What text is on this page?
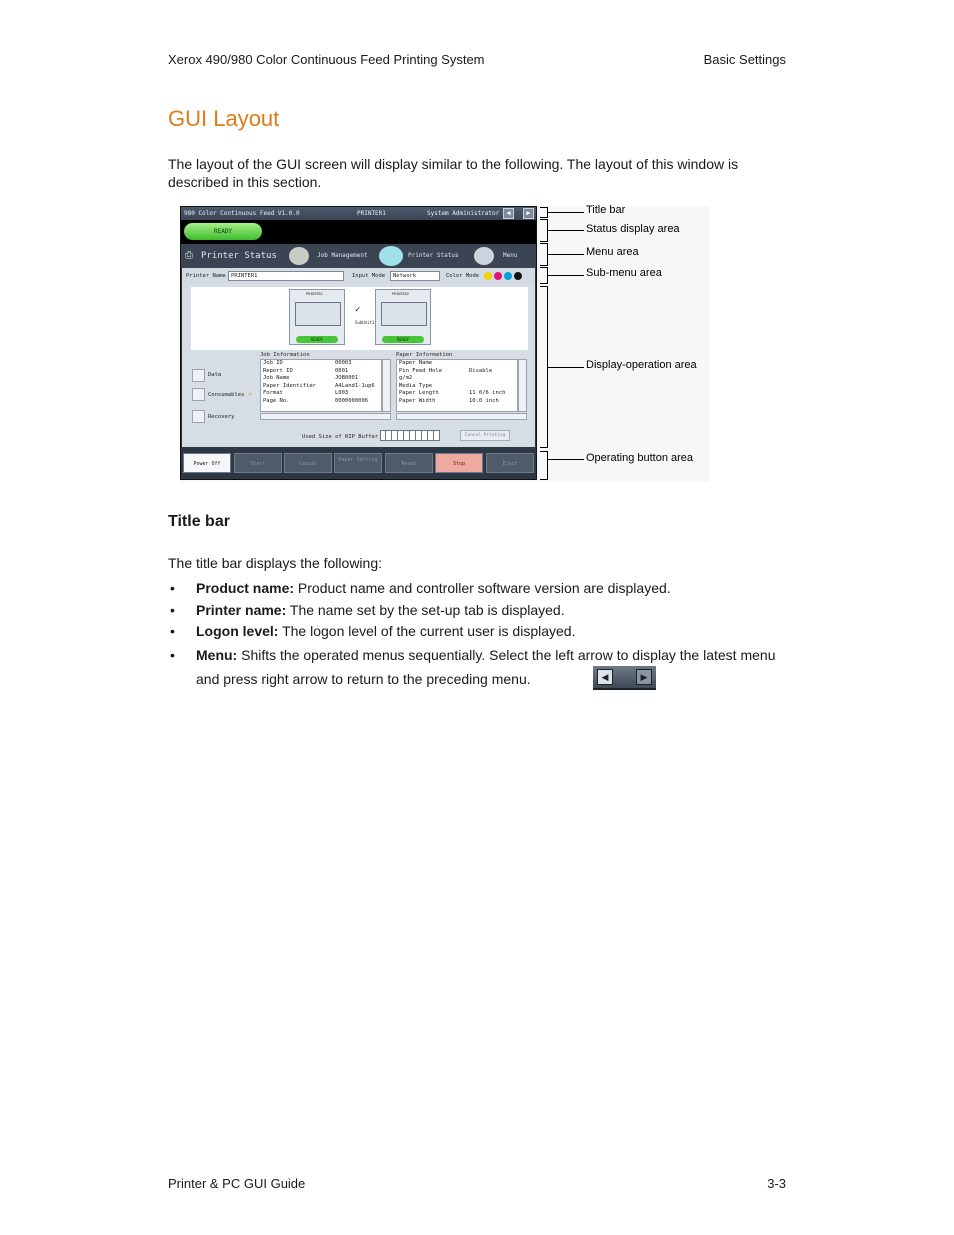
Xerox 490/980 Color Continuous Feed Printing System	Basic Settings
GUI Layout
The layout of the GUI screen will display similar to the following. The layout of this window is described in this section.
980 Color Continuous Feed V1.0.0	PRINTER1	System Administrator	◀	▶
READY
⎙ Printer Status	Job Management	Printer Status	Menu
Printer Name PRINTER1	Input Mode	Network	Color Mode
PRINTER1
READY
✓
SubUnit1
PRINTER2
READY
Data
Consumables ⚠
Recovery
Job Information
Job ID	00003
Report ID	0001
Job Name	JOB0001
Paper Identifier	A4Land1-1up6
Format	L003
Page No.	0000000006
Paper Information
Paper Name
Pin Feed Hole	Disable
g/m2
Media Type
Paper Length	11 0/6 inch
Paper Width	10.0 inch
Used Size of RIP Buffer	Cancel Printing
Power Off	Start	Cancel
Paper Setting
Reset	Stop	Eject
Title bar
Status display area
Menu area
Sub-menu area
Display-operation area
Operating button area
Title bar
The title bar displays the following:
• Product name: Product name and controller software version are displayed.
• Printer name: The name set by the set-up tab is displayed.
• Logon level: The logon level of the current user is displayed.
• Menu: Shifts the operated menus sequentially. Select the left arrow to display the latest menu and press right arrow to return to the preceding menu.	◀	▶
Printer & PC GUI Guide	3-3
